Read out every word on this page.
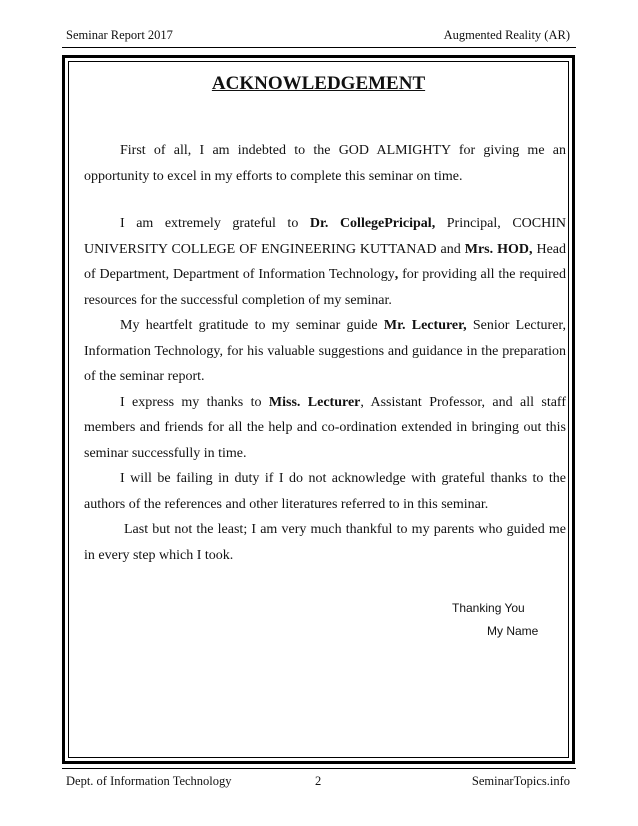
Seminar Report 2017	Augmented Reality (AR)
ACKNOWLEDGEMENT

First of all, I am indebted to the GOD ALMIGHTY for giving me an opportunity to excel in my efforts to complete this seminar on time.

I am extremely grateful to Dr. CollegePricipal, Principal, COCHIN UNIVERSITY COLLEGE OF ENGINEERING KUTTANAD and Mrs. HOD, Head of Department, Department of Information Technology, for providing all the required resources for the successful completion of my seminar.

My heartfelt gratitude to my seminar guide Mr. Lecturer, Senior Lecturer, Information Technology, for his valuable suggestions and guidance in the preparation of the seminar report.

I express my thanks to Miss. Lecturer, Assistant Professor, and all staff members and friends for all the help and co-ordination extended in bringing out this seminar successfully in time.

I will be failing in duty if I do not acknowledge with grateful thanks to the authors of the references and other literatures referred to in this seminar.

Last but not the least; I am very much thankful to my parents who guided me in every step which I took.

Thanking You
My Name
Dept. of Information Technology	2	SeminarTopics.info
